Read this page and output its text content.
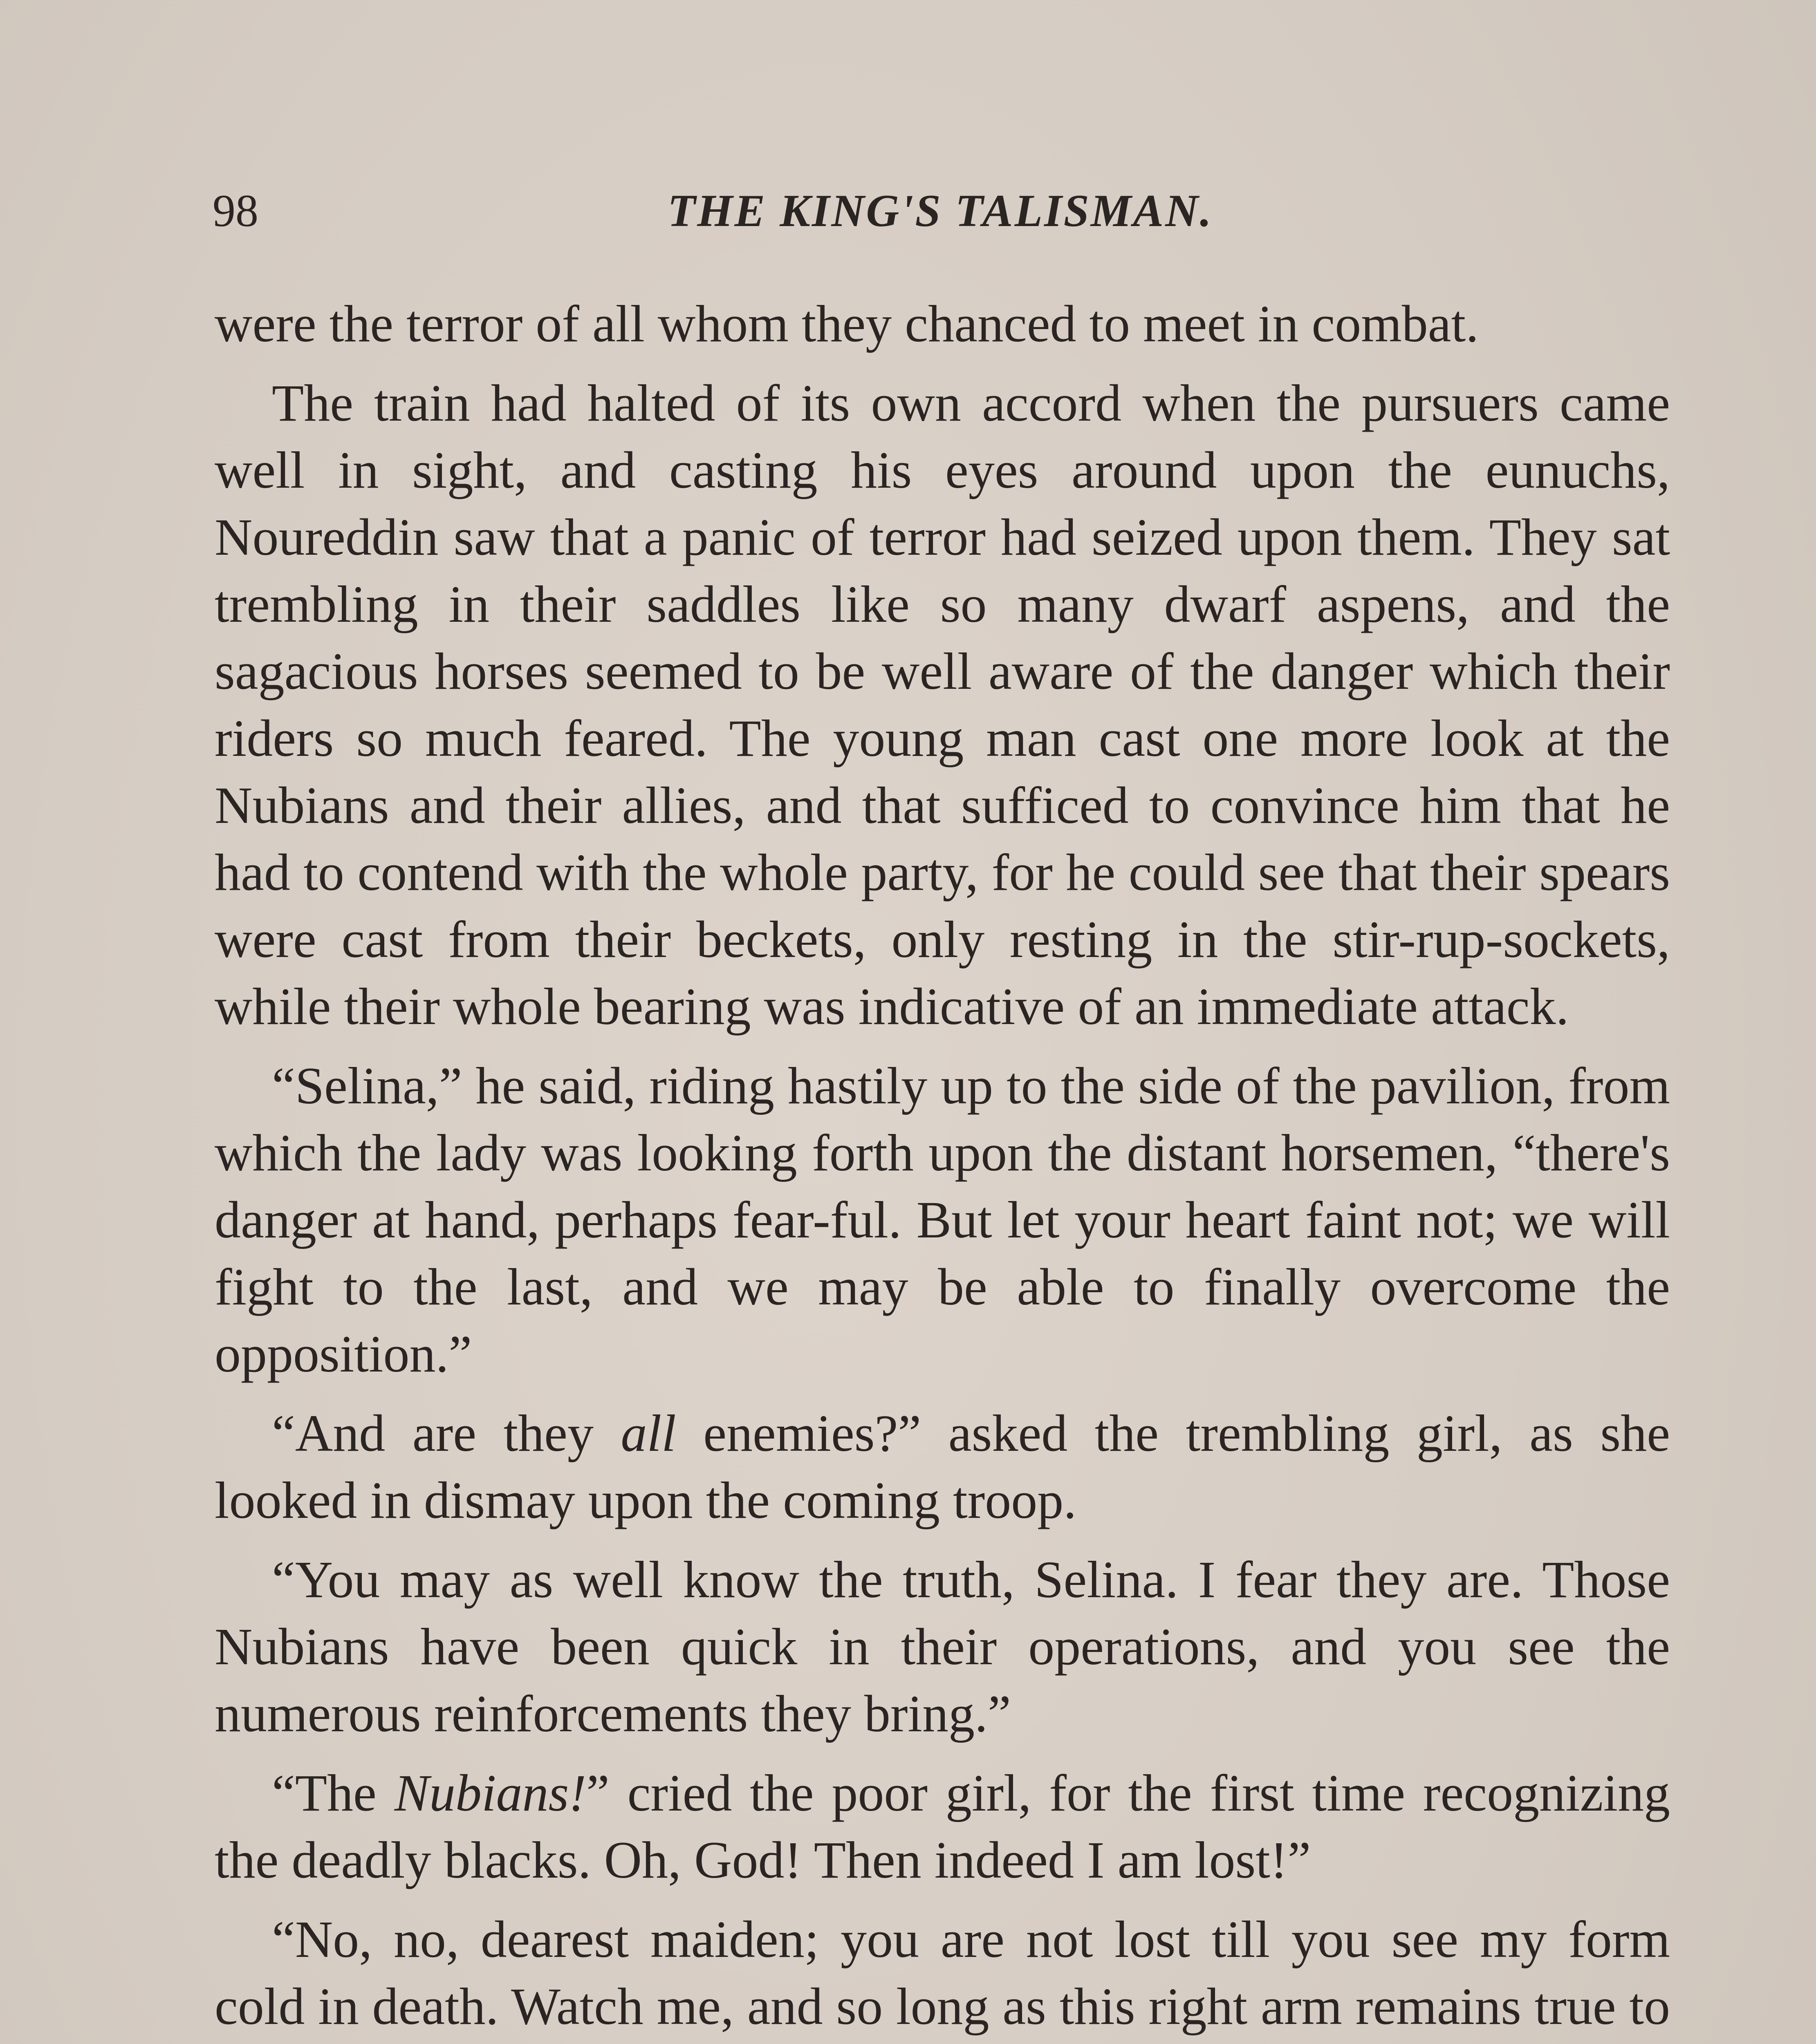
98	THE KING'S TALISMAN.

were the terror of all whom they chanced to meet in combat.

The train had halted of its own accord when the pursuers came well in sight, and casting his eyes around upon the eunuchs, Noureddin saw that a panic of terror had seized upon them. They sat trembling in their saddles like so many dwarf aspens, and the sagacious horses seemed to be well aware of the danger which their riders so much feared. The young man cast one more look at the Nubians and their allies, and that sufficed to convince him that he had to contend with the whole party, for he could see that their spears were cast from their beckets, only resting in the stir-rup-sockets, while their whole bearing was indicative of an immediate attack.

“Selina,” he said, riding hastily up to the side of the pavilion, from which the lady was looking forth upon the distant horsemen, “there's danger at hand, perhaps fear-ful. But let your heart faint not; we will fight to the last, and we may be able to finally overcome the opposition.”

“And are they all enemies?” asked the trembling girl, as she looked in dismay upon the coming troop.

“You may as well know the truth, Selina. I fear they are. Those Nubians have been quick in their operations, and you see the numerous reinforcements they bring.”

“The Nubians!” cried the poor girl, for the first time recognizing the deadly blacks. Oh, God! Then indeed I am lost!”

“No, no, dearest maiden; you are not lost till you see my form cold in death. Watch me, and so long as this right arm remains true to
